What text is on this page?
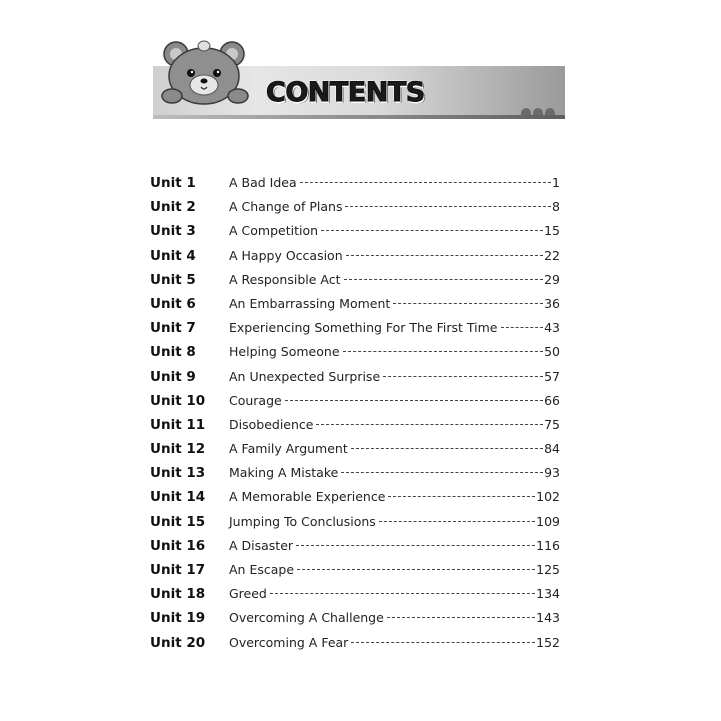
CONTENTS
Unit 1	A Bad Idea	1
Unit 2	A Change of Plans	8
Unit 3	A Competition	15
Unit 4	A Happy Occasion	22
Unit 5	A Responsible Act	29
Unit 6	An Embarrassing Moment	36
Unit 7	Experiencing Something For The First Time	43
Unit 8	Helping Someone	50
Unit 9	An Unexpected Surprise	57
Unit 10 Courage	66
Unit 11 Disobedience	75
Unit 12 A Family Argument	84
Unit 13 Making A Mistake	93
Unit 14 A Memorable Experience	102
Unit 15 Jumping To Conclusions	109
Unit 16 A Disaster	116
Unit 17 An Escape	125
Unit 18 Greed	134
Unit 19 Overcoming A Challenge	143
Unit 20 Overcoming A Fear	152
